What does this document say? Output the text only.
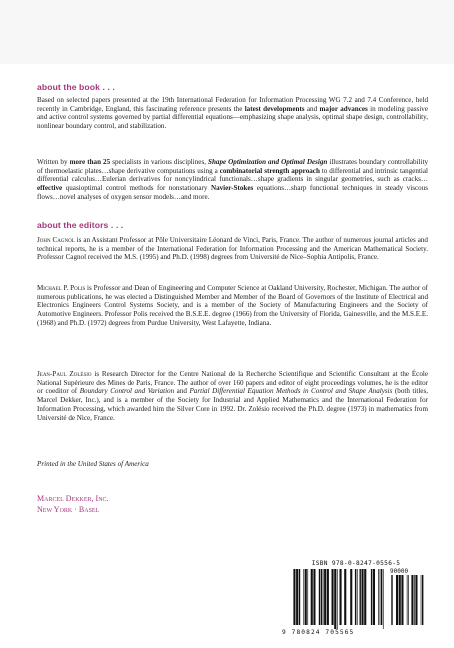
about the book . . .

Based on selected papers presented at the 19th International Federation for Information Processing WG 7.2 and 7.4 Conference, held recently in Cambridge, England, this fascinating reference presents the latest developments and major advances in modeling passive and active control systems governed by partial differential equations—emphasizing shape analysis, optimal shape design, controllability, nonlinear boundary control, and stabilization.

Written by more than 25 specialists in various disciplines, Shape Optimization and Optimal Design illustrates boundary controllability of thermoelastic plates…shape derivative computations using a combinatorial strength approach to differential and intrinsic tangential differential calculus…Eulerian derivatives for noncylindrical functionals…shape gradients in singular geometries, such as cracks…effective quasioptimal control methods for nonstationary Navier-Stokes equations…sharp functional techniques in steady viscous flows…novel analyses of oxygen sensor models…and more.

about the editors . . .

John Cagnol is an Assistant Professor at Pôle Universitaire Léonard de Vinci, Paris, France. The author of numerous journal articles and technical reports, he is a member of the International Federation for Information Processing and the American Mathematical Society. Professor Cagnol received the M.S. (1995) and Ph.D. (1998) degrees from Université de Nice–Sophia Antipolis, France.

Michael P. Polis is Professor and Dean of Engineering and Computer Science at Oakland University, Rochester, Michigan. The author of numerous publications, he was elected a Distinguished Member and Member of the Board of Governors of the Institute of Electrical and Electronics Engineers Control Systems Society, and is a member of the Society of Manufacturing Engineers and the Society of Automotive Engineers. Professor Polis received the B.S.E.E. degree (1966) from the University of Florida, Gainesville, and the M.S.E.E. (1968) and Ph.D. (1972) degrees from Purdue University, West Lafayette, Indiana.

Jean-Paul Zolésio is Research Director for the Centre National de la Recherche Scientifique and Scientific Consultant at the École National Supérieure des Mines de Paris, France. The author of over 160 papers and editor of eight proceedings volumes, he is the editor or coeditor of Boundary Control and Variation and Partial Differential Equation Methods in Control and Shape Analysis (both titles, Marcel Dekker, Inc.), and is a member of the Society for Industrial and Applied Mathematics and the International Federation for Information Processing, which awarded him the Silver Core in 1992. Dr. Zolésio received the Ph.D. degree (1973) in mathematics from Université de Nice, France.

Printed in the United States of America
Marcel Dekker, Inc.
New York · Basel
ISBN 978-0-8247-0556-5
90000
9 780824 705565
